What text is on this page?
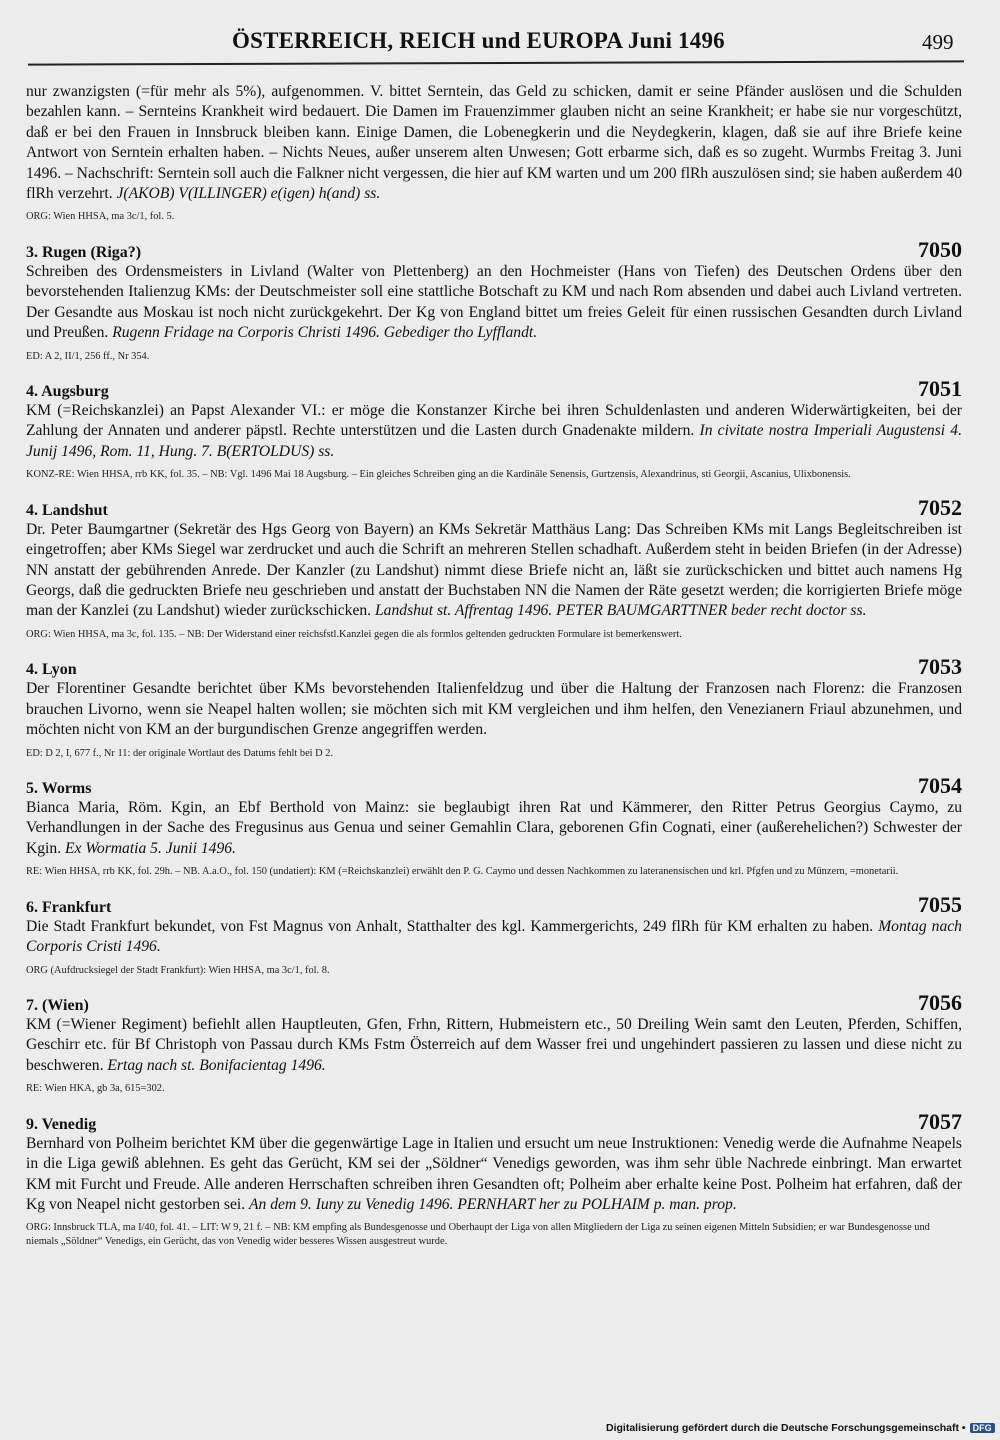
ÖSTERREICH, REICH und EUROPA Juni 1496	499

nur zwanzigsten (=für mehr als 5%), aufgenommen. V. bittet Serntein, das Geld zu schicken, damit er seine Pfänder auslösen und die Schulden bezahlen kann. – Sernteins Krankheit wird bedauert. Die Damen im Frauenzimmer glauben nicht an seine Krankheit; er habe sie nur vorgeschützt, daß er bei den Frauen in Innsbruck bleiben kann. Einige Damen, die Lobenegkerin und die Neydegkerin, klagen, daß sie auf ihre Briefe keine Antwort von Serntein erhalten haben. – Nichts Neues, außer unserem alten Unwesen; Gott erbarme sich, daß es so zugeht. Wurmbs Freitag 3. Juni 1496. – Nachschrift: Serntein soll auch die Falkner nicht vergessen, die hier auf KM warten und um 200 flRh auszulösen sind; sie haben außerdem 40 flRh verzehrt. J(AKOB) V(ILLINGER) e(igen) h(and) ss.

ORG: Wien HHSA, ma 3c/1, fol. 5.
3. Rugen (Riga?)	7050

Schreiben des Ordensmeisters in Livland (Walter von Plettenberg) an den Hochmeister (Hans von Tiefen) des Deutschen Ordens über den bevorstehenden Italienzug KMs: der Deutschmeister soll eine stattliche Botschaft zu KM und nach Rom absenden und dabei auch Livland vertreten. Der Gesandte aus Moskau ist noch nicht zurückgekehrt. Der Kg von England bittet um freies Geleit für einen russischen Gesandten durch Livland und Preußen. Rugenn Fridage na Corporis Christi 1496. Gebediger tho Lyfflandt.

ED: A 2, II/1, 256 ff., Nr 354.
4. Augsburg	7051

KM (=Reichskanzlei) an Papst Alexander VI.: er möge die Konstanzer Kirche bei ihren Schuldenlasten und anderen Widerwärtigkeiten, bei der Zahlung der Annaten und anderer päpstl. Rechte unterstützen und die Lasten durch Gnadenakte mildern. In civitate nostra Imperiali Augustensi 4. Junij 1496, Rom. 11, Hung. 7. B(ERTOLDUS) ss.

KONZ-RE: Wien HHSA, rrb KK, fol. 35. – NB: Vgl. 1496 Mai 18 Augsburg. – Ein gleiches Schreiben ging an die Kardinäle Senensis, Gurtzensis, Alexandrinus, sti Georgii, Ascanius, Ulixbonensis.
4. Landshut	7052

Dr. Peter Baumgartner (Sekretär des Hgs Georg von Bayern) an KMs Sekretär Matthäus Lang: Das Schreiben KMs mit Langs Begleitschreiben ist eingetroffen; aber KMs Siegel war zerdrucket und auch die Schrift an mehreren Stellen schadhaft. Außerdem steht in beiden Briefen (in der Adresse) NN anstatt der gebührenden Anrede. Der Kanzler (zu Landshut) nimmt diese Briefe nicht an, läßt sie zurückschicken und bittet auch namens Hg Georgs, daß die gedruckten Briefe neu geschrieben und anstatt der Buchstaben NN die Namen der Räte gesetzt werden; die korrigierten Briefe möge man der Kanzlei (zu Landshut) wieder zurückschicken. Landshut st. Affrentag 1496. PETER BAUMGARTTNER beder recht doctor ss.

ORG: Wien HHSA, ma 3c, fol. 135. – NB: Der Widerstand einer reichsfstl.Kanzlei gegen die als formlos geltenden gedruckten Formulare ist bemerkenswert.
4. Lyon	7053

Der Florentiner Gesandte berichtet über KMs bevorstehenden Italienfeldzug und über die Haltung der Franzosen nach Florenz: die Franzosen brauchen Livorno, wenn sie Neapel halten wollen; sie möchten sich mit KM vergleichen und ihm helfen, den Venezianern Friaul abzunehmen, und möchten nicht von KM an der burgundischen Grenze angegriffen werden.

ED: D 2, I, 677 f., Nr 11: der originale Wortlaut des Datums fehlt bei D 2.
5. Worms	7054

Bianca Maria, Röm. Kgin, an Ebf Berthold von Mainz: sie beglaubigt ihren Rat und Kämmerer, den Ritter Petrus Georgius Caymo, zu Verhandlungen in der Sache des Fregusinus aus Genua und seiner Gemahlin Clara, geborenen Gfin Cognati, einer (außerehelichen?) Schwester der Kgin. Ex Wormatia 5. Junii 1496.

RE: Wien HHSA, rrb KK, fol. 29h. – NB. A.a.O., fol. 150 (undatiert): KM (=Reichskanzlei) erwählt den P. G. Caymo und dessen Nachkommen zu lateranensischen und krl. Pfgfen und zu Münzern, =monetarii.
6. Frankfurt	7055

Die Stadt Frankfurt bekundet, von Fst Magnus von Anhalt, Statthalter des kgl. Kammergerichts, 249 flRh für KM erhalten zu haben. Montag nach Corporis Cristi 1496.

ORG (Aufdrucksiegel der Stadt Frankfurt): Wien HHSA, ma 3c/1, fol. 8.
7. (Wien)	7056

KM (=Wiener Regiment) befiehlt allen Hauptleuten, Gfen, Frhn, Rittern, Hubmeistern etc., 50 Dreiling Wein samt den Leuten, Pferden, Schiffen, Geschirr etc. für Bf Christoph von Passau durch KMs Fstm Österreich auf dem Wasser frei und ungehindert passieren zu lassen und diese nicht zu beschweren. Ertag nach st. Bonifacientag 1496.

RE: Wien HKA, gb 3a, 615=302.
9. Venedig	7057

Bernhard von Polheim berichtet KM über die gegenwärtige Lage in Italien und ersucht um neue Instruktionen: Venedig werde die Aufnahme Neapels in die Liga gewiß ablehnen. Es geht das Gerücht, KM sei der „Söldner“ Venedigs geworden, was ihm sehr üble Nachrede einbringt. Man erwartet KM mit Furcht und Freude. Alle anderen Herrschaften schreiben ihren Gesandten oft; Polheim aber erhalte keine Post. Polheim hat erfahren, daß der Kg von Neapel nicht gestorben sei. An dem 9. Iuny zu Venedig 1496. PERNHART her zu POLHAIM p. man. prop.

ORG: Innsbruck TLA, ma I/40, fol. 41. – LIT: W 9, 21 f. – NB: KM empfing als Bundesgenosse und Oberhaupt der Liga von allen Mitgliedern der Liga zu seinen eigenen Mitteln Subsidien; er war Bundesgenosse und niemals „Söldner“ Venedigs, ein Gerücht, das von Venedig wider besseres Wissen ausgestreut wurde.
Digitalisierung gefördert durch die Deutsche Forschungsgemeinschaft • DFG
